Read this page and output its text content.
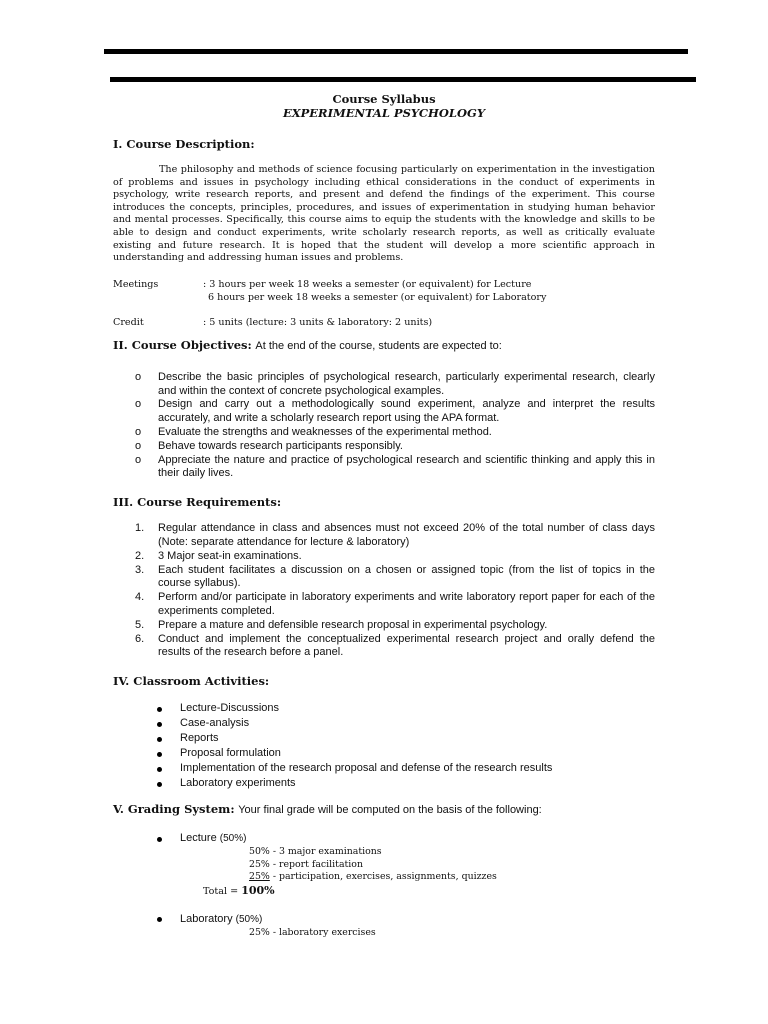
Course Syllabus
EXPERIMENTAL PSYCHOLOGY
I. Course Description:
The philosophy and methods of science focusing particularly on experimentation in the investigation of problems and issues in psychology including ethical considerations in the conduct of experiments in psychology, write research reports, and present and defend the findings of the experiment. This course introduces the concepts, principles, procedures, and issues of experimentation in studying human behavior and mental processes. Specifically, this course aims to equip the students with the knowledge and skills to be able to design and conduct experiments, write scholarly research reports, as well as critically evaluate existing and future research. It is hoped that the student will develop a more scientific approach in understanding and addressing human issues and problems.
Meetings	: 3 hours per week 18 weeks a semester (or equivalent) for Lecture
6 hours per week 18 weeks a semester (or equivalent) for Laboratory
Credit	: 5 units (lecture: 3 units & laboratory: 2 units)
II. Course Objectives: At the end of the course, students are expected to:
o Describe the basic principles of psychological research, particularly experimental research, clearly and within the context of concrete psychological examples.
o Design and carry out a methodologically sound experiment, analyze and interpret the results accurately, and write a scholarly research report using the APA format.
o Evaluate the strengths and weaknesses of the experimental method.
o Behave towards research participants responsibly.
o Appreciate the nature and practice of psychological research and scientific thinking and apply this in their daily lives.
III. Course Requirements:
1. Regular attendance in class and absences must not exceed 20% of the total number of class days (Note: separate attendance for lecture & laboratory)
2. 3 Major seat-in examinations.
3. Each student facilitates a discussion on a chosen or assigned topic (from the list of topics in the course syllabus).
4. Perform and/or participate in laboratory experiments and write laboratory report paper for each of the experiments completed.
5. Prepare a mature and defensible research proposal in experimental psychology.
6. Conduct and implement the conceptualized experimental research project and orally defend the results of the research before a panel.
IV. Classroom Activities:
Lecture-Discussions
Case-analysis
Reports
Proposal formulation
Implementation of the research proposal and defense of the research results
Laboratory experiments
V. Grading System: Your final grade will be computed on the basis of the following:
Lecture (50%)
50% - 3 major examinations
25% - report facilitation
25% - participation, exercises, assignments, quizzes
Total = 100%
Laboratory (50%)
25% - laboratory exercises
